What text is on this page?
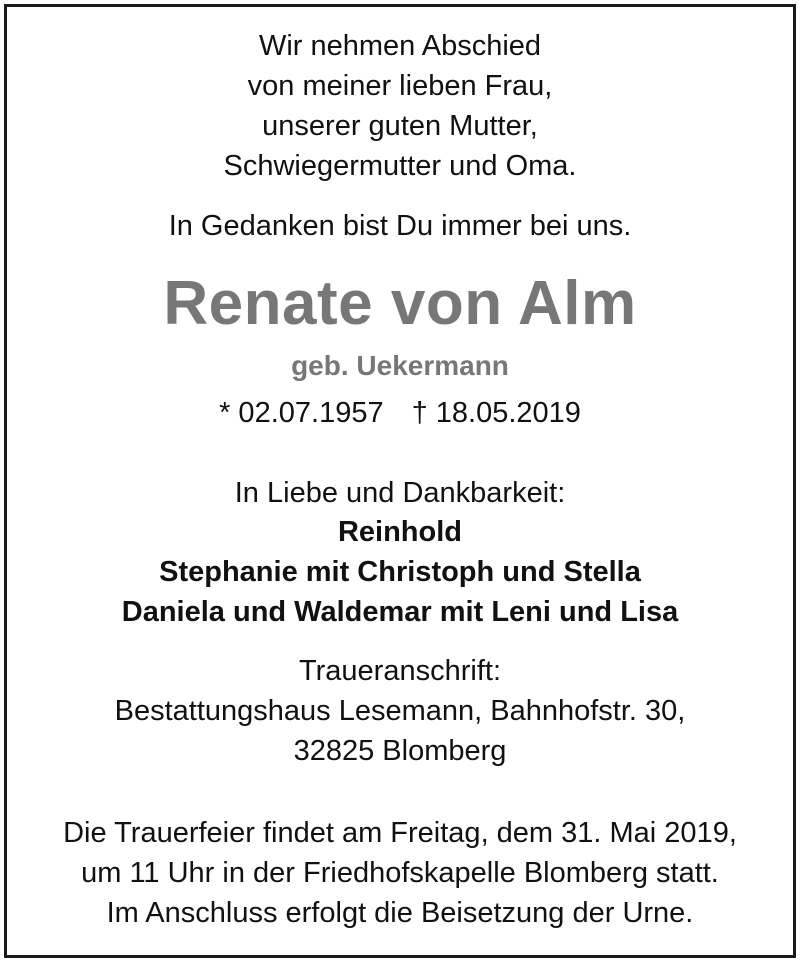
Wir nehmen Abschied
von meiner lieben Frau,
unserer guten Mutter,
Schwiegermutter und Oma.
In Gedanken bist Du immer bei uns.
Renate von Alm
geb. Uekermann
* 02.07.1957 † 18.05.2019
In Liebe und Dankbarkeit:
Reinhold
Stephanie mit Christoph und Stella
Daniela und Waldemar mit Leni und Lisa
Traueranschrift:
Bestattungshaus Lesemann, Bahnhofstr. 30,
32825 Blomberg
Die Trauerfeier findet am Freitag, dem 31. Mai 2019,
um 11 Uhr in der Friedhofskapelle Blomberg statt.
Im Anschluss erfolgt die Beisetzung der Urne.
